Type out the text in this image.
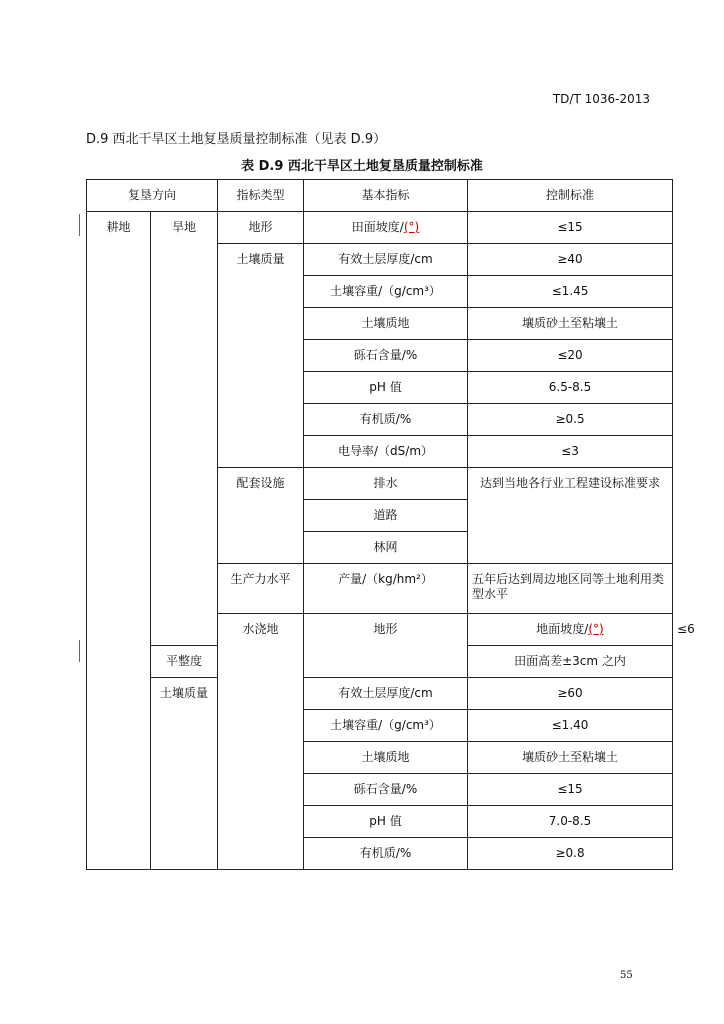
TD/T 1036-2013
D.9 西北干旱区土地复垦质量控制标准（见表 D.9）
表 D.9 西北干旱区土地复垦质量控制标准
复垦方向		指标类型	基本指标	控制标准	
耕地	旱地	地形	田面坡度/(°)	≤15	
		土壤质量	有效土层厚度/cm	≥40	
			土壤容重/（g/cm³）	≤1.45	
			土壤质地	壤质砂土至粘壤土	
			砾石含量/%	≤20	
			pH 值	6.5-8.5	
			有机质/%	≥0.5	
			电导率/（dS/m）	≤3	
		配套设施	排水	达到当地各行业工程建设标准要求	
			道路		
			林网		
		生产力水平	产量/（kg/hm²）	五年后达到周边地区同等土地利用类型水平	
		水浇地	地形	地面坡度/(°)	≤6
	平整度			田面高差±3cm 之内	
	土壤质量		有效土层厚度/cm	≥60	
			土壤容重/（g/cm³）	≤1.40	
			土壤质地	壤质砂土至粘壤土	
			砾石含量/%	≤15	
			pH 值	7.0-8.5	
			有机质/%	≥0.8	
55
